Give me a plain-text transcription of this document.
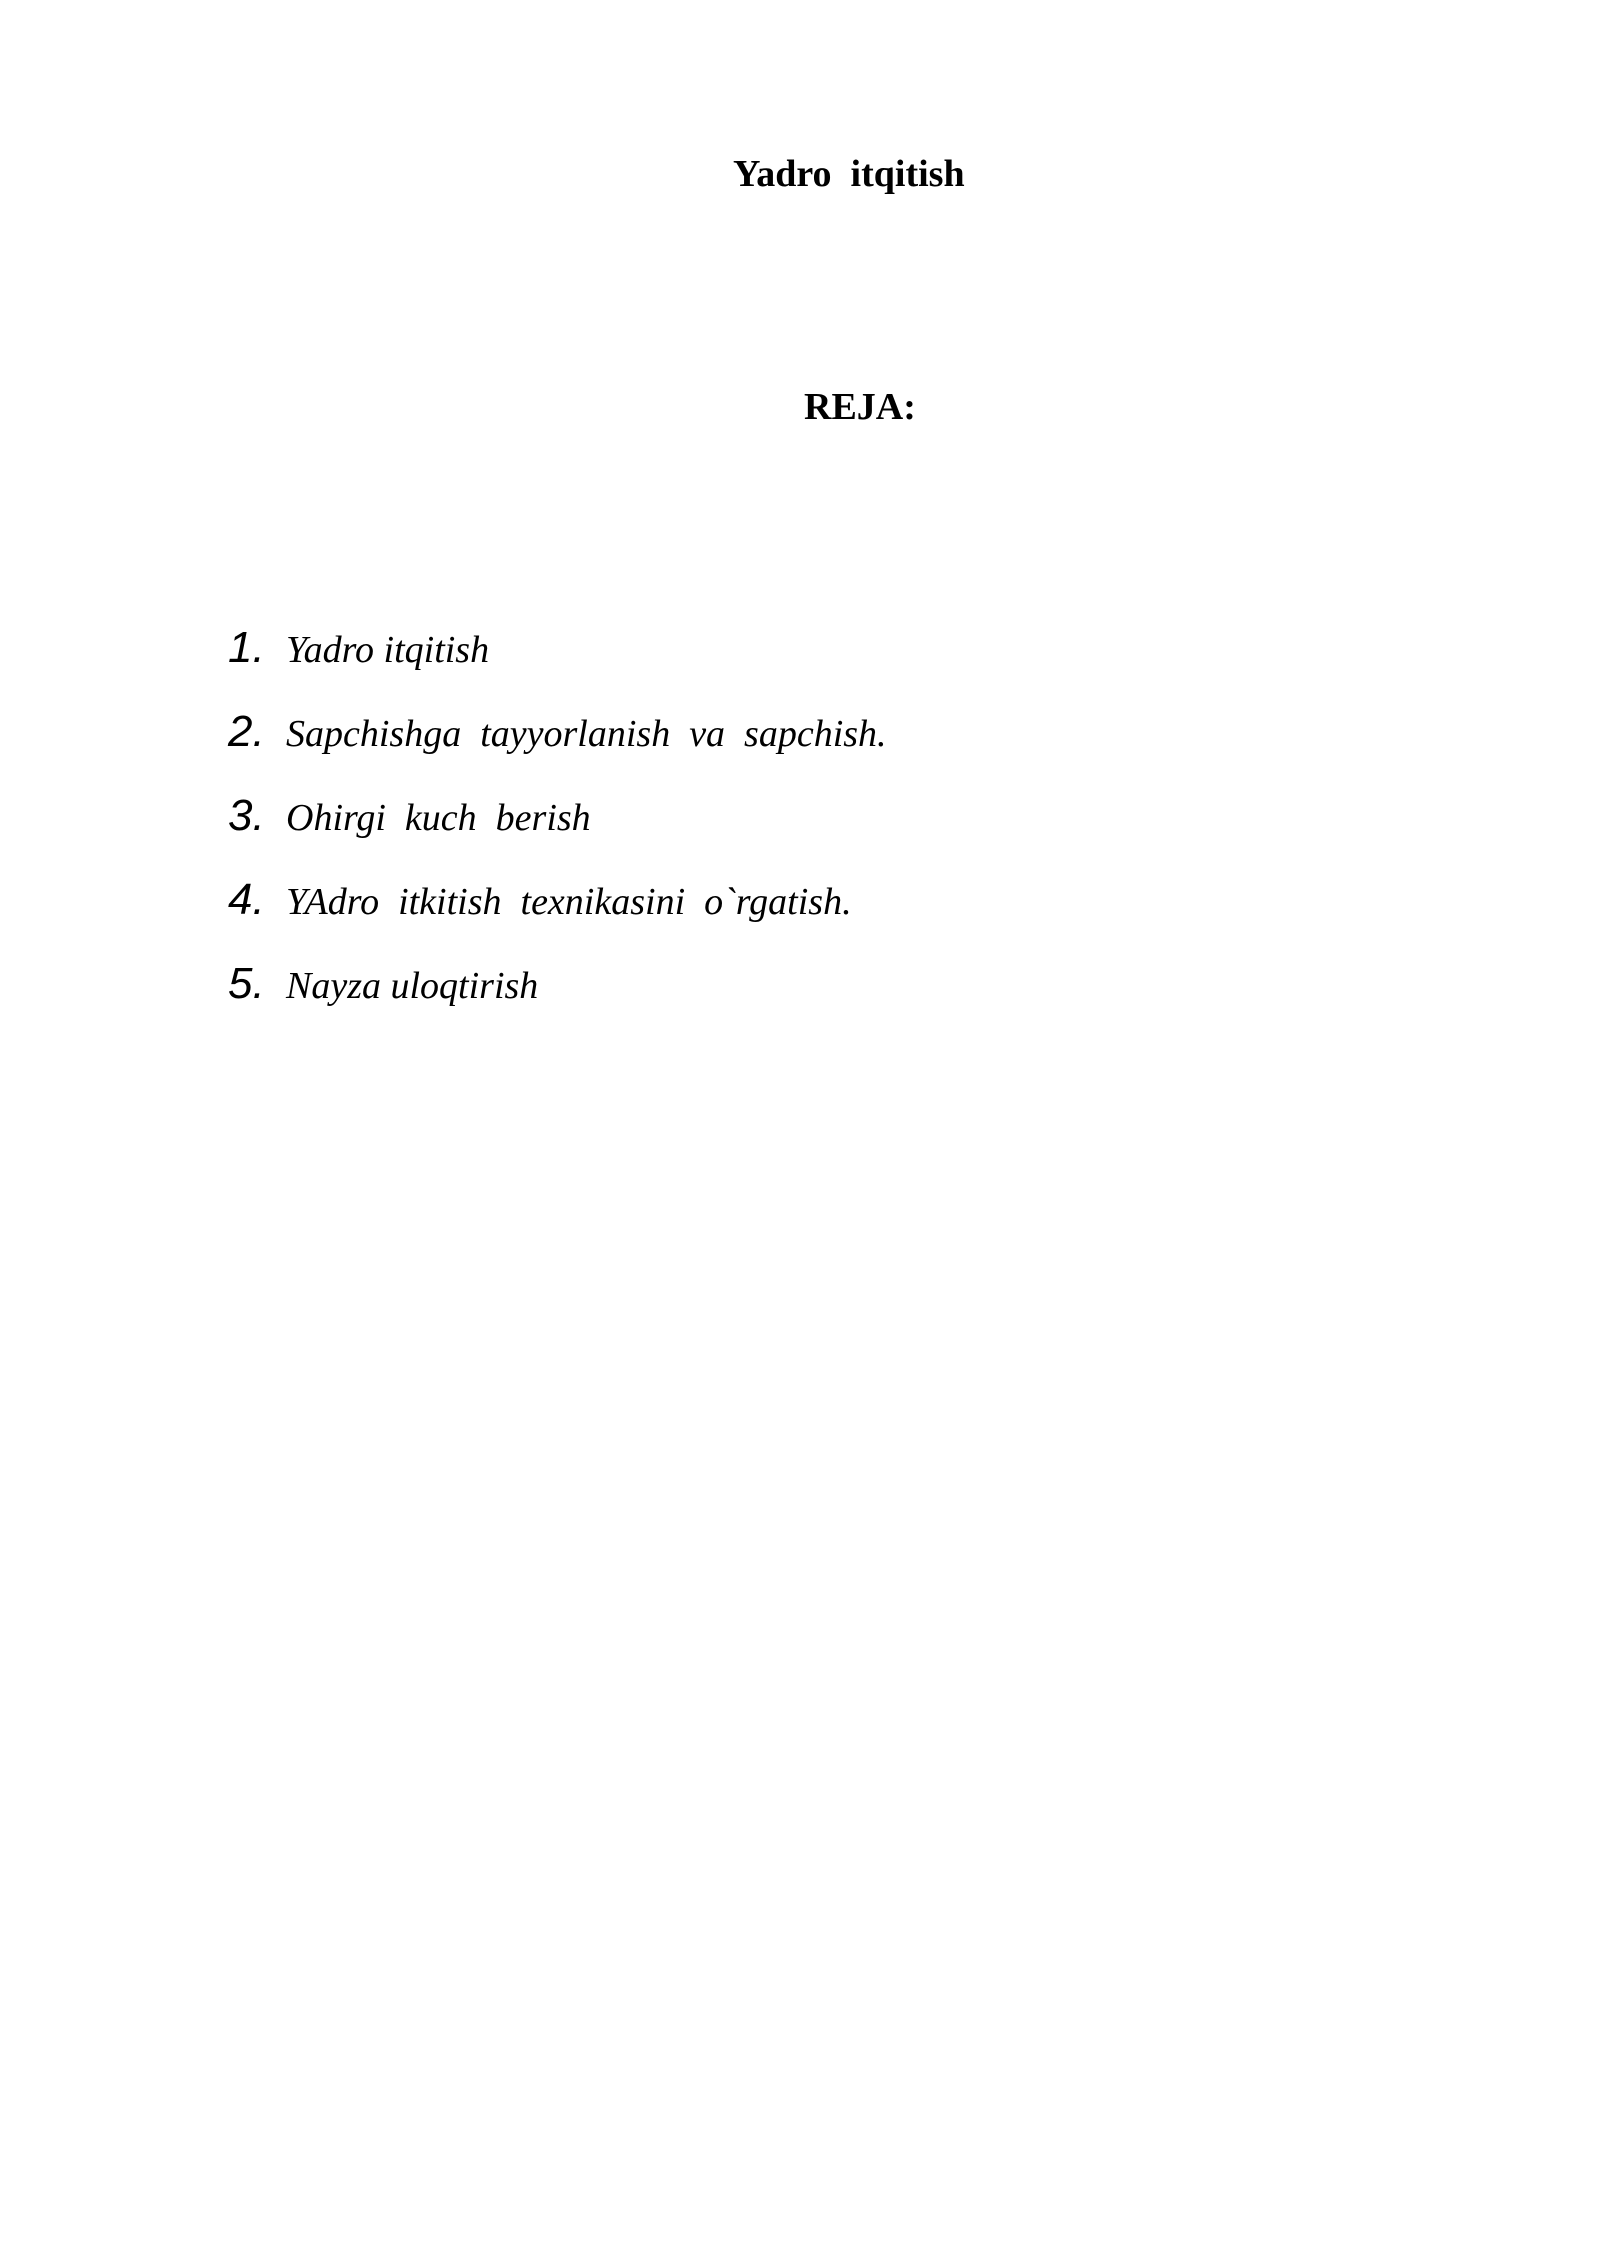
Yadro  itqitish
REJA:
1. Yadro itqitish
2. Sapchishga  tayyorlanish  va  sapchish.
3. Ohirgi  kuch  berish
4. YAdro  itkitish  texnikasini  o`rgatish.
5. Nayza uloqtirish
